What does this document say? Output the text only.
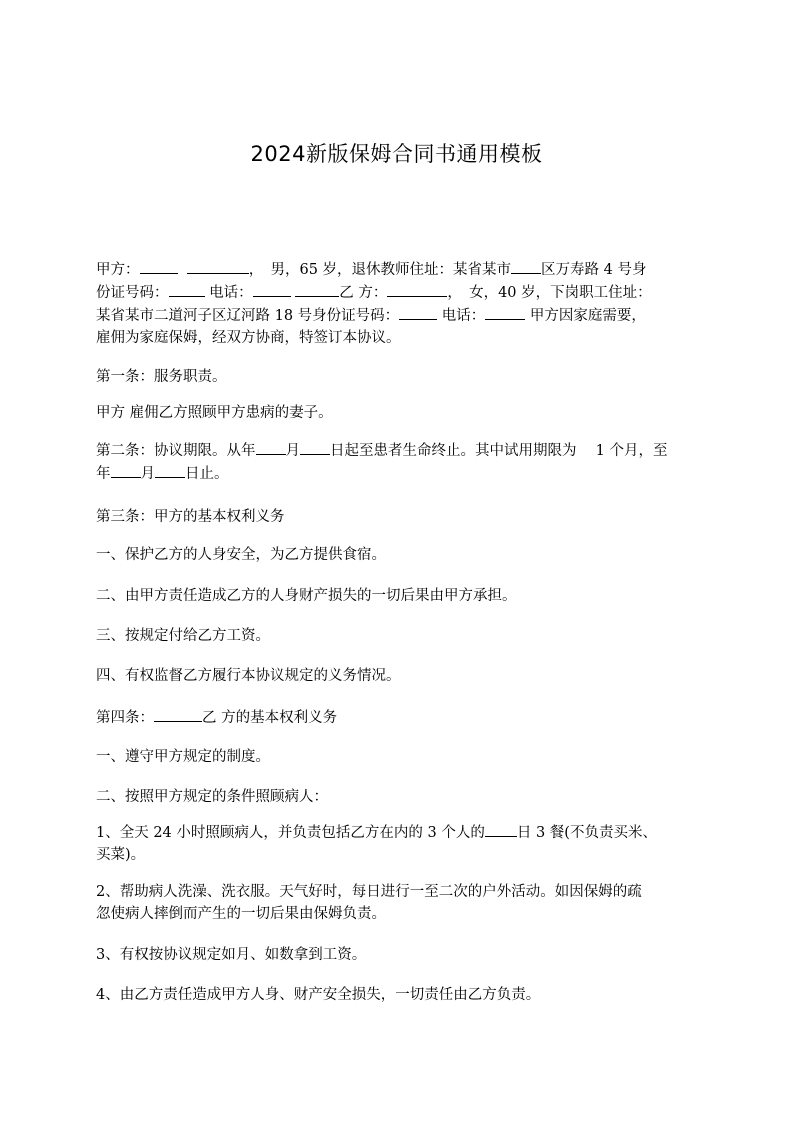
2024新版保姆合同书通用模板
甲方：	，　男，65 岁，退休教师住址：某省某市 区万寿路 4 号身
份证号码： 电话：	乙 方：	，　女，40 岁，下岗职工住址：
某省某市二道河子区辽河路 18 号身份证号码：	电话：	甲方因家庭需要，
雇佣为家庭保姆，经双方协商，特签订本协议。
第一条：服务职责。
甲方 雇佣乙方照顾甲方患病的妻子。
第二条：协议期限。从年 月 日起至患者生命终止。其中试用期限为　 1 个月，至
年 月 日止。
第三条：甲方的基本权利义务
一、保护乙方的人身安全，为乙方提供食宿。
二、由甲方责任造成乙方的人身财产损失的一切后果由甲方承担。
三、按规定付给乙方工资。
四、有权监督乙方履行本协议规定的义务情况。
第四条：	乙 方的基本权利义务
一、遵守甲方规定的制度。
二、按照甲方规定的条件照顾病人：
1、全天 24 小时照顾病人，并负责包括乙方在内的 3 个人的 日 3 餐(不负责买米、
买菜)。
2、帮助病人洗澡、洗衣服。天气好时，每日进行一至二次的户外活动。如因保姆的疏
忽使病人摔倒而产生的一切后果由保姆负责。
3、有权按协议规定如月、如数拿到工资。
4、由乙方责任造成甲方人身、财产安全损失，一切责任由乙方负责。
